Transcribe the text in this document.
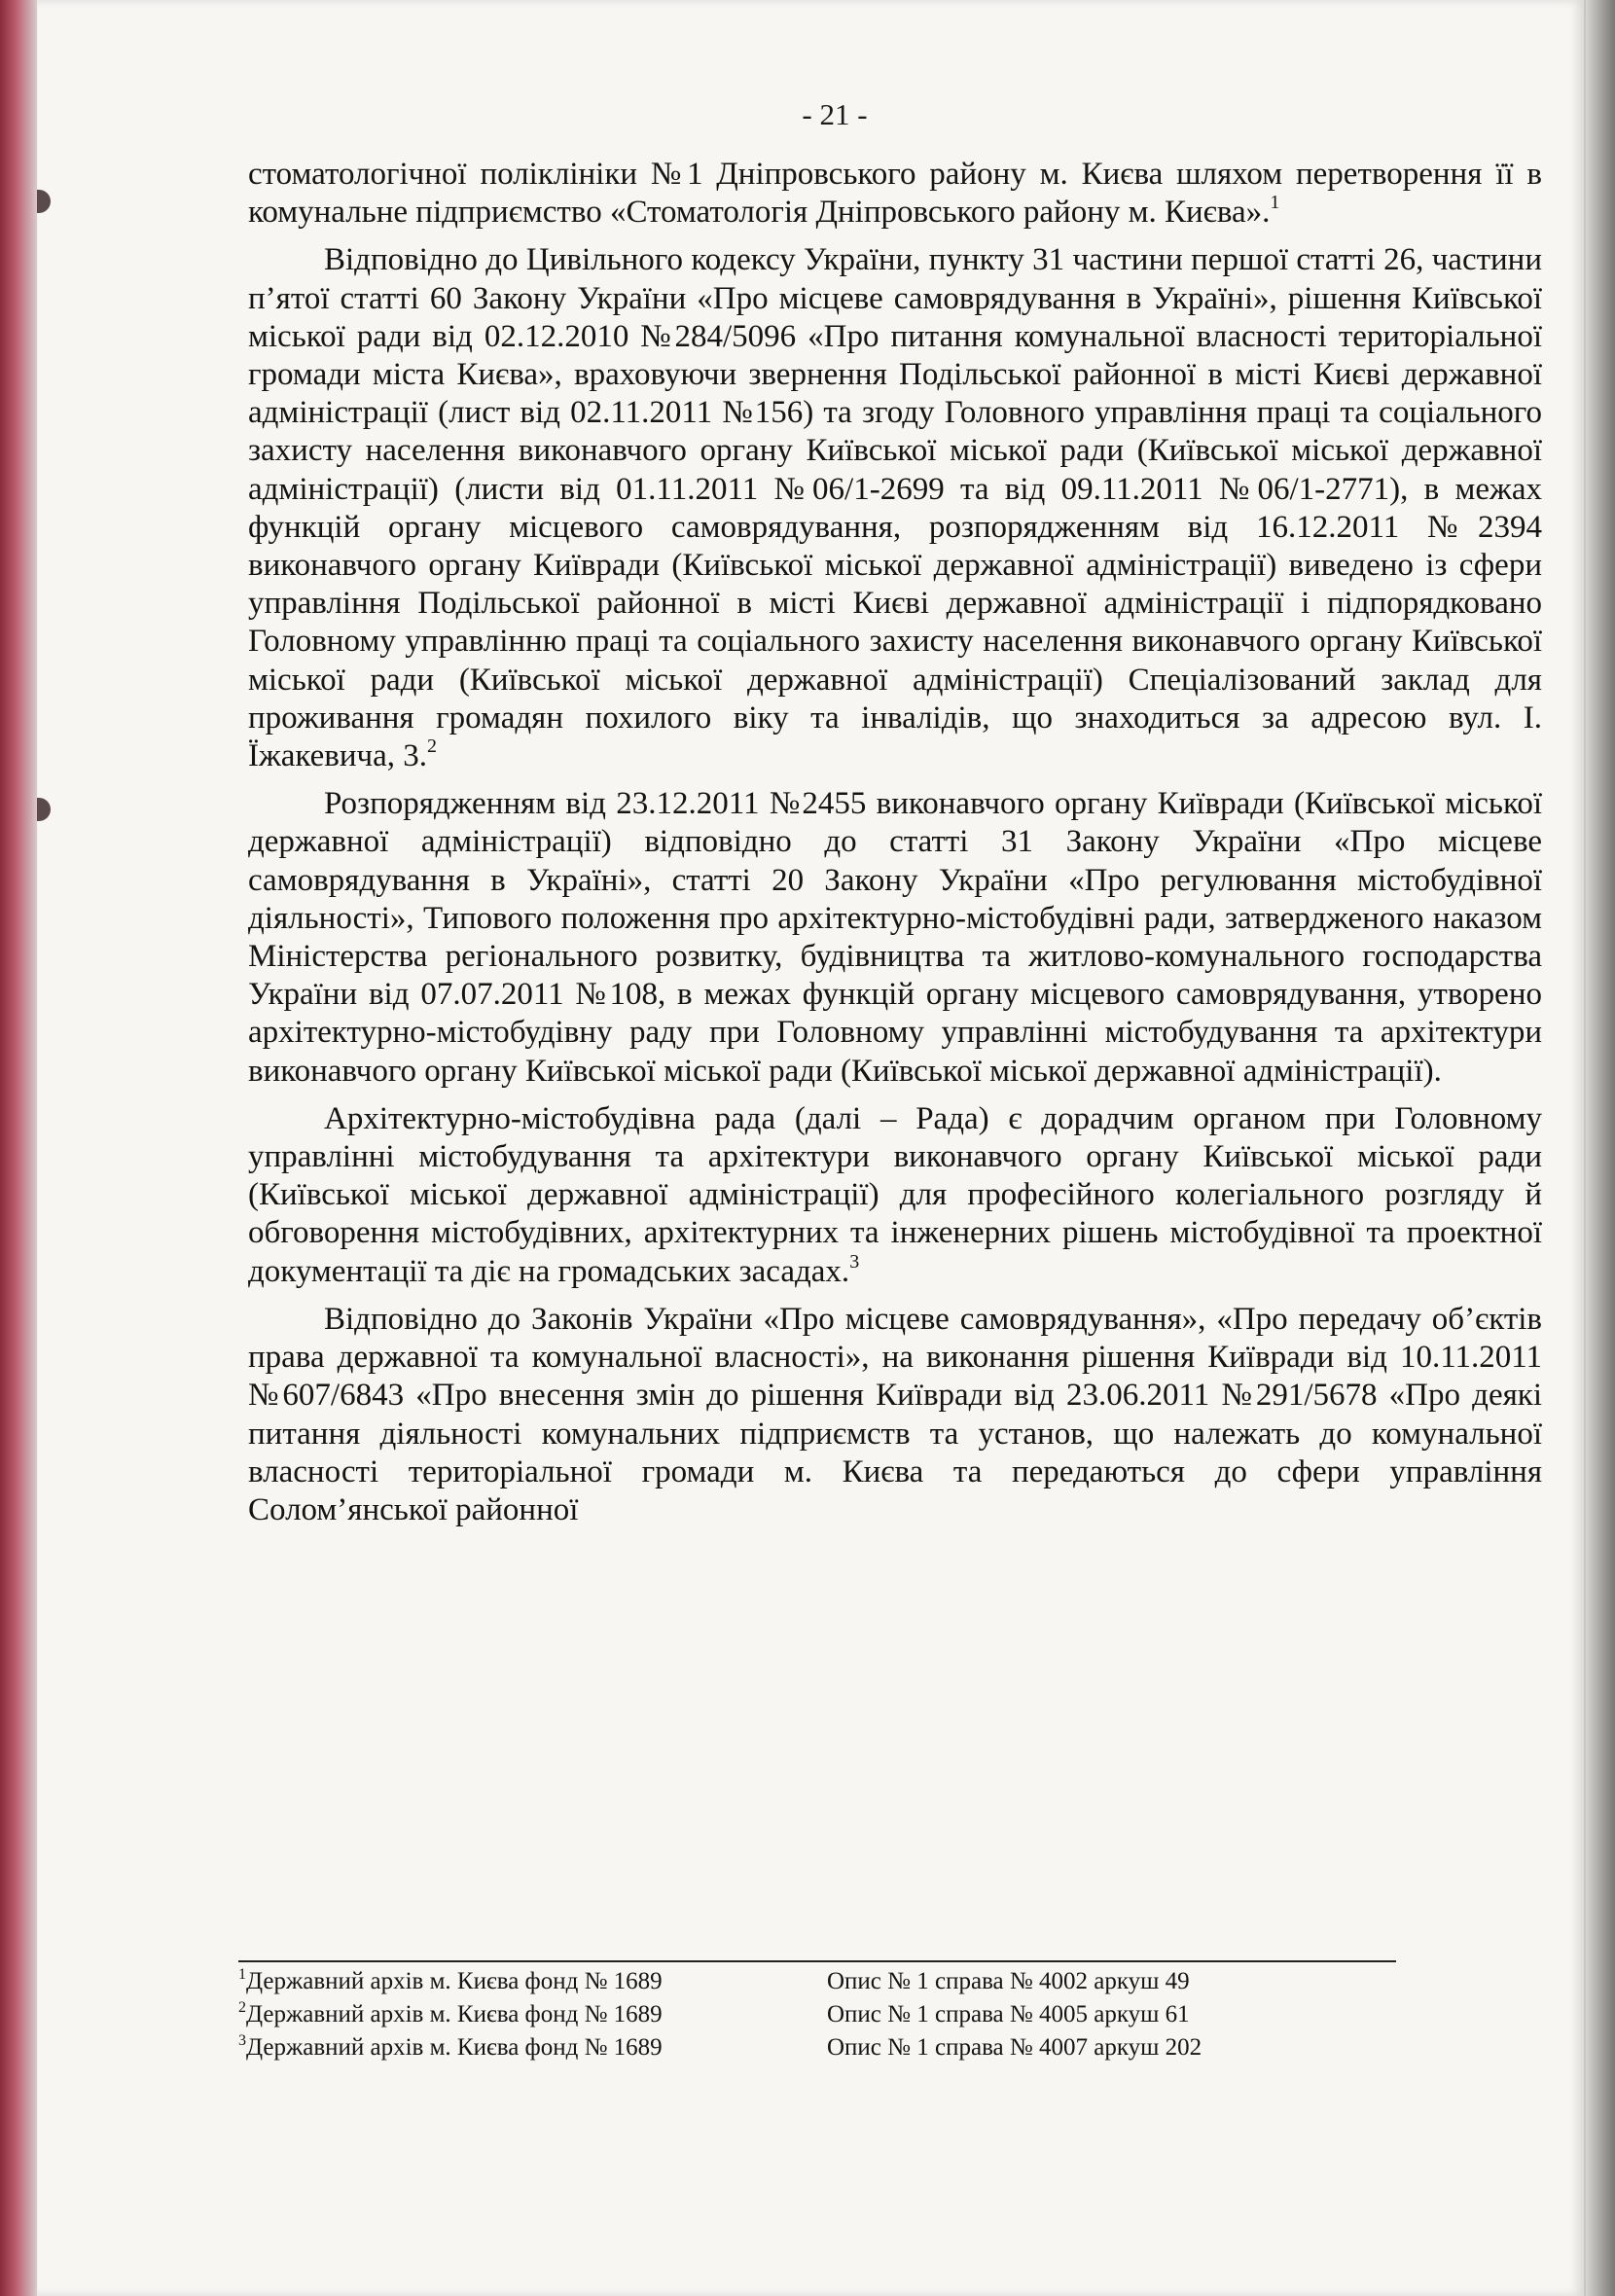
- 21 -

стоматологічної поліклініки №1 Дніпровського району м. Києва шляхом перетворення її в комунальне підприємство «Стоматологія Дніпровського району м. Києва».$^1$

Відповідно до Цивільного кодексу України, пункту 31 частини першої статті 26, частини п’ятої статті 60 Закону України «Про місцеве самоврядування в Україні», рішення Київської міської ради від 02.12.2010 №284/5096 «Про питання комунальної власності територіальної громади міста Києва», враховуючи звернення Подільської районної в місті Києві державної адміністрації (лист від 02.11.2011 №156) та згоду Головного управління праці та соціального захисту населення виконавчого органу Київської міської ради (Київської міської державної адміністрації) (листи від 01.11.2011 №06/1-2699 та від 09.11.2011 №06/1-2771), в межах функцій органу місцевого самоврядування, розпорядженням від 16.12.2011 №2394 виконавчого органу Київради (Київської міської державної адміністрації) виведено із сфери управління Подільської районної в місті Києві державної адміністрації і підпорядковано Головному управлінню праці та соціального захисту населення виконавчого органу Київської міської ради (Київської міської державної адміністрації) Спеціалізований заклад для проживання громадян похилого віку та інвалідів, що знаходиться за адресою вул. І. Їжакевича, 3.$^2$

Розпорядженням від 23.12.2011 №2455 виконавчого органу Київради (Київської міської державної адміністрації) відповідно до статті 31 Закону України «Про місцеве самоврядування в Україні», статті 20 Закону України «Про регулювання містобудівної діяльності», Типового положення про архітектурно-містобудівні ради, затвердженого наказом Міністерства регіонального розвитку, будівництва та житлово-комунального господарства України від 07.07.2011 №108, в межах функцій органу місцевого самоврядування, утворено архітектурно-містобудівну раду при Головному управлінні містобудування та архітектури виконавчого органу Київської міської ради (Київської міської державної адміністрації).

Архітектурно-містобудівна рада (далі – Рада) є дорадчим органом при Головному управлінні містобудування та архітектури виконавчого органу Київської міської ради (Київської міської державної адміністрації) для професійного колегіального розгляду й обговорення містобудівних, архітектурних та інженерних рішень містобудівної та проектної документації та діє на громадських засадах.$^3$

Відповідно до Законів України «Про місцеве самоврядування», «Про передачу об’єктів права державної та комунальної власності», на виконання рішення Київради від 10.11.2011 №607/6843 «Про внесення змін до рішення Київради від 23.06.2011 №291/5678 «Про деякі питання діяльності комунальних підприємств та установ, що належать до комунальної власності територіальної громади м. Києва та передаються до сфери управління Солом’янської районної

$^1$Державний архів м. Києва фонд № 1689	Опис № 1 справа № 4002 аркуш 49
$^2$Державний архів м. Києва фонд № 1689	Опис № 1 справа № 4005 аркуш 61
$^3$Державний архів м. Києва фонд № 1689	Опис № 1 справа № 4007 аркуш 202
